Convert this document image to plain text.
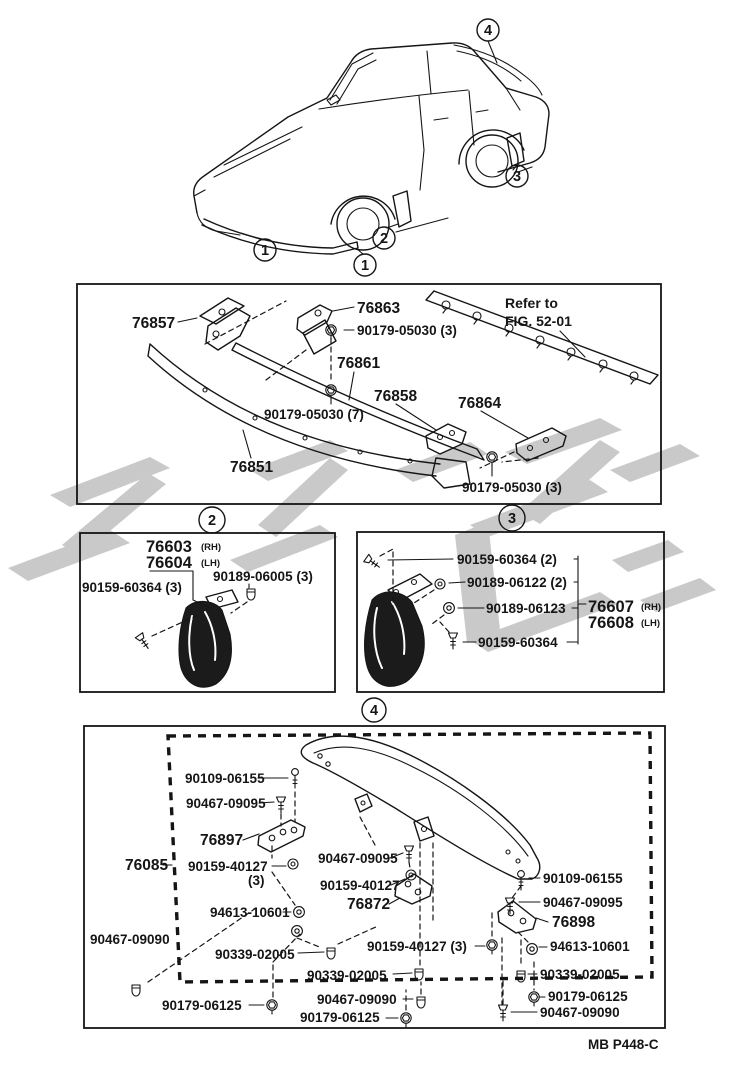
1
1
2
3
4
76857
76863
90179-05030 (3)
76861
76858	76864
90179-05030 (7)
76851
90179-05030 (3)
Refer to
FIG. 52-01
2	3
76603 (RH)
76604 (LH)
90189-06005 (3)
90159-60364 (3)
90159-60364 (2)
90189-06122 (2)
90189-06123
90159-60364
76607 (RH)
76608 (LH)
4
90109-06155
90467-09095
76897
76085 90159-40127
(3)
94613-10601
90467-09095
90159-40127
76872
90109-06155
90467-09095
76898
94613-10601
90339-02005
90179-06125
90467-09090
90467-09090
90339-02005
90159-40127 (3)
90339-02005
90179-06125	90467-09090
90179-06125
MB P448-C
